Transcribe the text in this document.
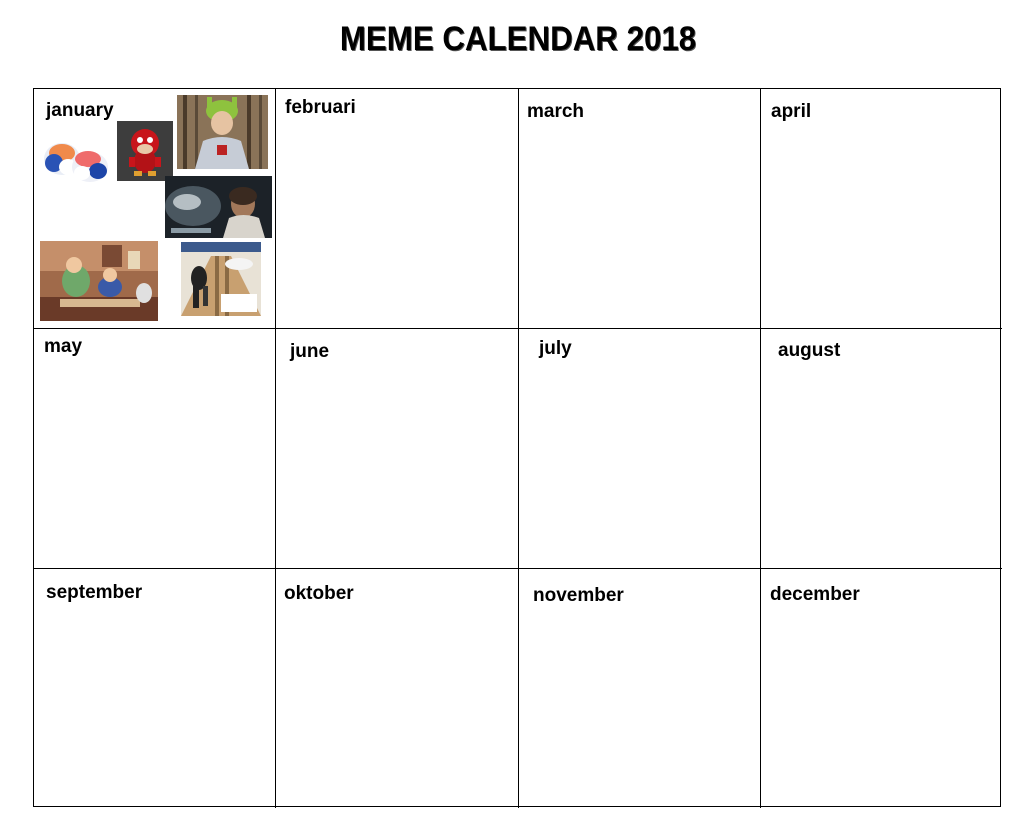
MEME CALENDAR 2018
january	februari	march	april
may	june	july	august
september	oktober	november	december
